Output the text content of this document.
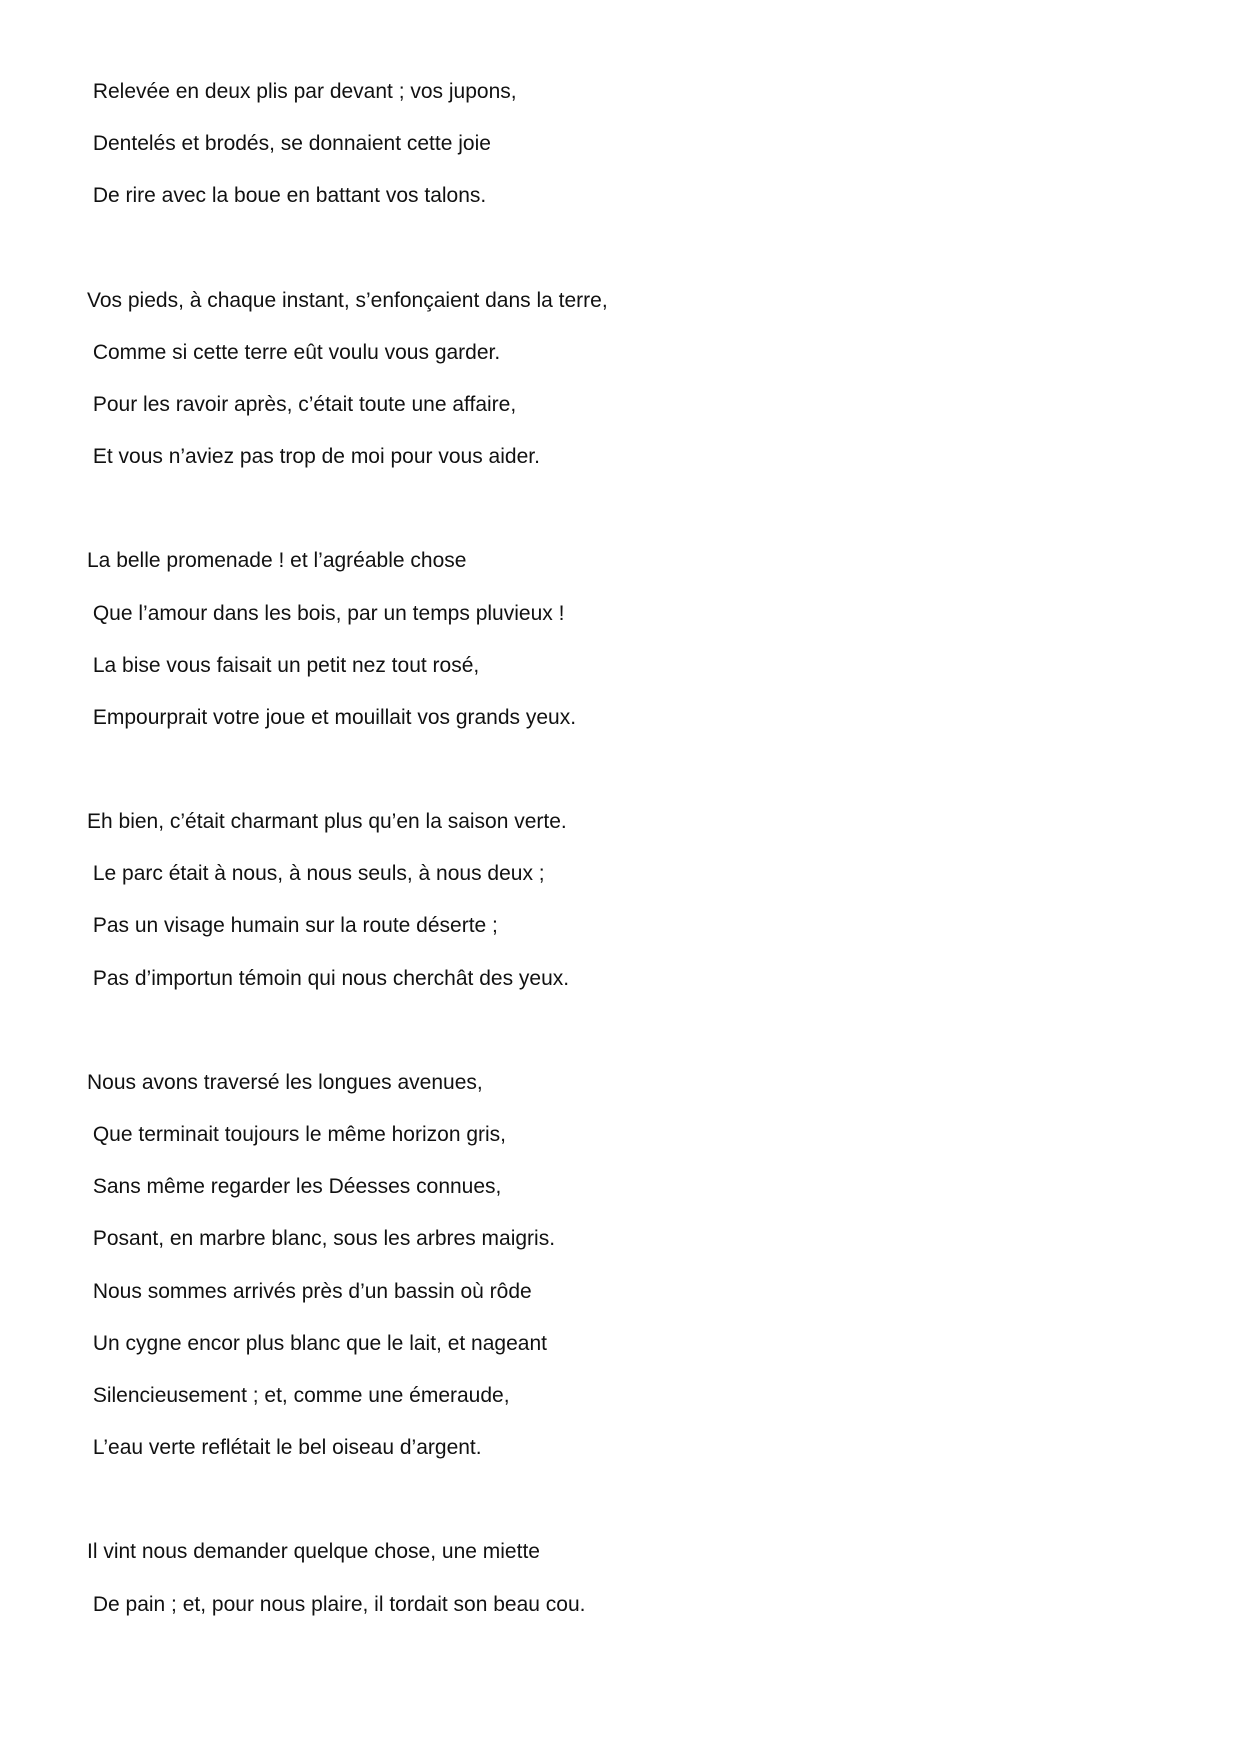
Relevée en deux plis par devant ; vos jupons,
Dentelés et brodés, se donnaient cette joie
De rire avec la boue en battant vos talons.
Vos pieds, à chaque instant, s’enfonçaient dans la terre,
Comme si cette terre eût voulu vous garder.
Pour les ravoir après, c’était toute une affaire,
Et vous n’aviez pas trop de moi pour vous aider.
La belle promenade ! et l’agréable chose
Que l’amour dans les bois, par un temps pluvieux !
La bise vous faisait un petit nez tout rosé,
Empourprait votre joue et mouillait vos grands yeux.
Eh bien, c’était charmant plus qu’en la saison verte.
Le parc était à nous, à nous seuls, à nous deux ;
Pas un visage humain sur la route déserte ;
Pas d’importun témoin qui nous cherchât des yeux.
Nous avons traversé les longues avenues,
Que terminait toujours le même horizon gris,
Sans même regarder les Déesses connues,
Posant, en marbre blanc, sous les arbres maigris.
Nous sommes arrivés près d’un bassin où rôde
Un cygne encor plus blanc que le lait, et nageant
Silencieusement ; et, comme une émeraude,
L’eau verte reflétait le bel oiseau d’argent.
Il vint nous demander quelque chose, une miette
De pain ; et, pour nous plaire, il tordait son beau cou.
